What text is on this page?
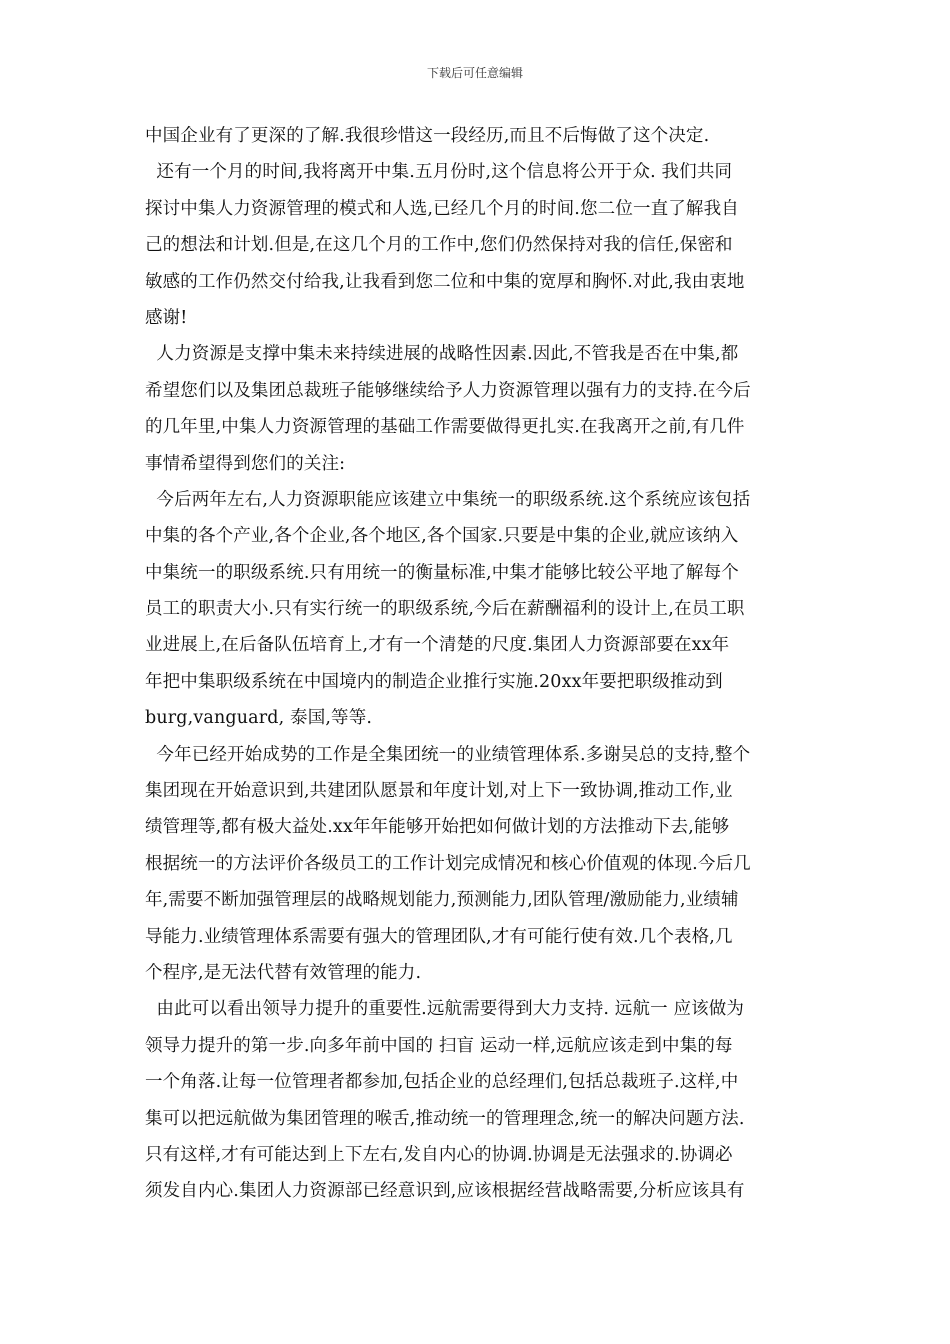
下载后可任意编辑
中国企业有了更深的了解.我很珍惜这一段经历,而且不后悔做了这个决定.
还有一个月的时间,我将离开中集.五月份时,这个信息将公开于众. 我们共同
探讨中集人力资源管理的模式和人选,已经几个月的时间.您二位一直了解我自
己的想法和计划.但是,在这几个月的工作中,您们仍然保持对我的信任,保密和
敏感的工作仍然交付给我,让我看到您二位和中集的宽厚和胸怀.对此,我由衷地
感谢!
人力资源是支撑中集未来持续进展的战略性因素.因此,不管我是否在中集,都
希望您们以及集团总裁班子能够继续给予人力资源管理以强有力的支持.在今后
的几年里,中集人力资源管理的基础工作需要做得更扎实.在我离开之前,有几件
事情希望得到您们的关注:
今后两年左右,人力资源职能应该建立中集统一的职级系统.这个系统应该包括
中集的各个产业,各个企业,各个地区,各个国家.只要是中集的企业,就应该纳入
中集统一的职级系统.只有用统一的衡量标准,中集才能够比较公平地了解每个
员工的职责大小.只有实行统一的职级系统,今后在薪酬福利的设计上,在员工职
业进展上,在后备队伍培育上,才有一个清楚的尺度.集团人力资源部要在xx年
年把中集职级系统在中国境内的制造企业推行实施.20xx年要把职级推动到
burg,vanguard, 泰国,等等.
今年已经开始成势的工作是全集团统一的业绩管理体系.多谢吴总的支持,整个
集团现在开始意识到,共建团队愿景和年度计划,对上下一致协调,推动工作,业
绩管理等,都有极大益处.xx年年能够开始把如何做计划的方法推动下去,能够
根据统一的方法评价各级员工的工作计划完成情况和核心价值观的体现.今后几
年,需要不断加强管理层的战略规划能力,预测能力,团队管理/激励能力,业绩辅
导能力.业绩管理体系需要有强大的管理团队,才有可能行使有效.几个表格,几
个程序,是无法代替有效管理的能力.
由此可以看出领导力提升的重要性.远航需要得到大力支持. 远航一 应该做为
领导力提升的第一步.向多年前中国的 扫盲 运动一样,远航应该走到中集的每
一个角落.让每一位管理者都参加,包括企业的总经理们,包括总裁班子.这样,中
集可以把远航做为集团管理的喉舌,推动统一的管理理念,统一的解决问题方法.
只有这样,才有可能达到上下左右,发自内心的协调.协调是无法强求的.协调必
须发自内心.集团人力资源部已经意识到,应该根据经营战略需要,分析应该具有
